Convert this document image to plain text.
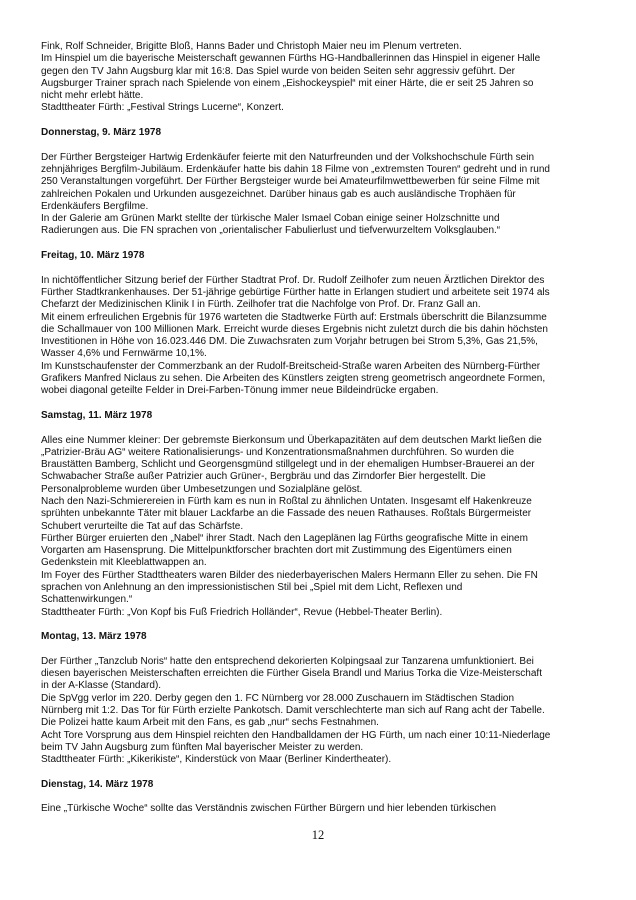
Fink, Rolf Schneider, Brigitte Bloß, Hanns Bader und Christoph Maier neu im Plenum vertreten.
Im Hinspiel um die bayerische Meisterschaft gewannen Fürths HG-Handballerinnen das Hinspiel in eigener Halle
gegen den TV Jahn Augsburg klar mit 16:8. Das Spiel wurde von beiden Seiten sehr aggressiv geführt. Der
Augsburger Trainer sprach nach Spielende von einem „Eishockeyspiel“ mit einer Härte, die er seit 25 Jahren so
nicht mehr erlebt hätte.
Stadttheater Fürth: „Festival Strings Lucerne“, Konzert.
Donnerstag, 9. März 1978
Der Fürther Bergsteiger Hartwig Erdenkäufer feierte mit den Naturfreunden und der Volkshochschule Fürth sein
zehnjähriges Bergfilm-Jubiläum. Erdenkäufer hatte bis dahin 18 Filme von „extremsten Touren“ gedreht und in rund
250 Veranstaltungen vorgeführt. Der Fürther Bergsteiger wurde bei Amateurfilmwettbewerben für seine Filme mit
zahlreichen Pokalen und Urkunden ausgezeichnet. Darüber hinaus gab es auch ausländische Trophäen für
Erdenkäufers Bergfilme.
In der Galerie am Grünen Markt stellte der türkische Maler Ismael Coban einige seiner Holzschnitte und
Radierungen aus. Die FN sprachen von „orientalischer Fabulierlust und tiefverwurzeltem Volksglauben.“
Freitag, 10. März 1978
In nichtöffentlicher Sitzung berief der Fürther Stadtrat Prof. Dr. Rudolf Zeilhofer zum neuen Ärztlichen Direktor des
Fürther Stadtkrankenhauses. Der 51-jährige gebürtige Fürther hatte in Erlangen studiert und arbeitete seit 1974 als
Chefarzt der Medizinischen Klinik I in Fürth. Zeilhofer trat die Nachfolge von Prof. Dr. Franz Gall an.
Mit einem erfreulichen Ergebnis für 1976 warteten die Stadtwerke Fürth auf: Erstmals überschritt die Bilanzsumme
die Schallmauer von 100 Millionen Mark. Erreicht wurde dieses Ergebnis nicht zuletzt durch die bis dahin höchsten
Investitionen in Höhe von 16.023.446 DM. Die Zuwachsraten zum Vorjahr betrugen bei Strom 5,3%, Gas 21,5%,
Wasser 4,6% und Fernwärme 10,1%.
Im Kunstschaufenster der Commerzbank an der Rudolf-Breitscheid-Straße waren Arbeiten des Nürnberg-Fürther
Grafikers Manfred Niclaus zu sehen. Die Arbeiten des Künstlers zeigten streng geometrisch angeordnete Formen,
wobei diagonal geteilte Felder in Drei-Farben-Tönung immer neue Bildeindrücke ergaben.
Samstag, 11. März 1978
Alles eine Nummer kleiner: Der gebremste Bierkonsum und Überkapazitäten auf dem deutschen Markt ließen die
„Patrizier-Bräu AG“ weitere Rationalisierungs- und Konzentrationsmaßnahmen durchführen. So wurden die
Braustätten Bamberg, Schlicht und Georgensgmünd stillgelegt und in der ehemaligen Humbser-Brauerei an der
Schwabacher Straße außer Patrizier auch Grüner-, Bergbräu und das Zirndorfer Bier hergestellt. Die
Personalprobleme wurden über Umbesetzungen und Sozialpläne gelöst.
Nach den Nazi-Schmierereien in Fürth kam es nun in Roßtal zu ähnlichen Untaten. Insgesamt elf Hakenkreuze
sprühten unbekannte Täter mit blauer Lackfarbe an die Fassade des neuen Rathauses. Roßtals Bürgermeister
Schubert verurteilte die Tat auf das Schärfste.
Fürther Bürger eruierten den „Nabel“ ihrer Stadt. Nach den Lageplänen lag Fürths geografische Mitte in einem
Vorgarten am Hasensprung. Die Mittelpunktforscher brachten dort mit Zustimmung des Eigentümers einen
Gedenkstein mit Kleeblattwappen an.
Im Foyer des Fürther Stadttheaters waren Bilder des niederbayerischen Malers Hermann Eller zu sehen. Die FN
sprachen von Anlehnung an den impressionistischen Stil bei „Spiel mit dem Licht, Reflexen und
Schattenwirkungen.“
Stadttheater Fürth: „Von Kopf bis Fuß Friedrich Holländer“, Revue (Hebbel-Theater Berlin).
Montag, 13. März 1978
Der Fürther „Tanzclub Noris“ hatte den entsprechend dekorierten Kolpingsaal zur Tanzarena umfunktioniert. Bei
diesen bayerischen Meisterschaften erreichten die Fürther Gisela Brandl und Marius Torka die Vize-Meisterschaft
in der A-Klasse (Standard).
Die SpVgg verlor im 220. Derby gegen den 1. FC Nürnberg vor 28.000 Zuschauern im Städtischen Stadion
Nürnberg mit 1:2. Das Tor für Fürth erzielte Pankotsch. Damit verschlechterte man sich auf Rang acht der Tabelle.
Die Polizei hatte kaum Arbeit mit den Fans, es gab „nur“ sechs Festnahmen.
Acht Tore Vorsprung aus dem Hinspiel reichten den Handballdamen der HG Fürth, um nach einer 10:11-Niederlage
beim TV Jahn Augsburg zum fünften Mal bayerischer Meister zu werden.
Stadttheater Fürth: „Kikerikiste“, Kinderstück von Maar (Berliner Kindertheater).
Dienstag, 14. März 1978
Eine „Türkische Woche“ sollte das Verständnis zwischen Fürther Bürgern und hier lebenden türkischen
12
